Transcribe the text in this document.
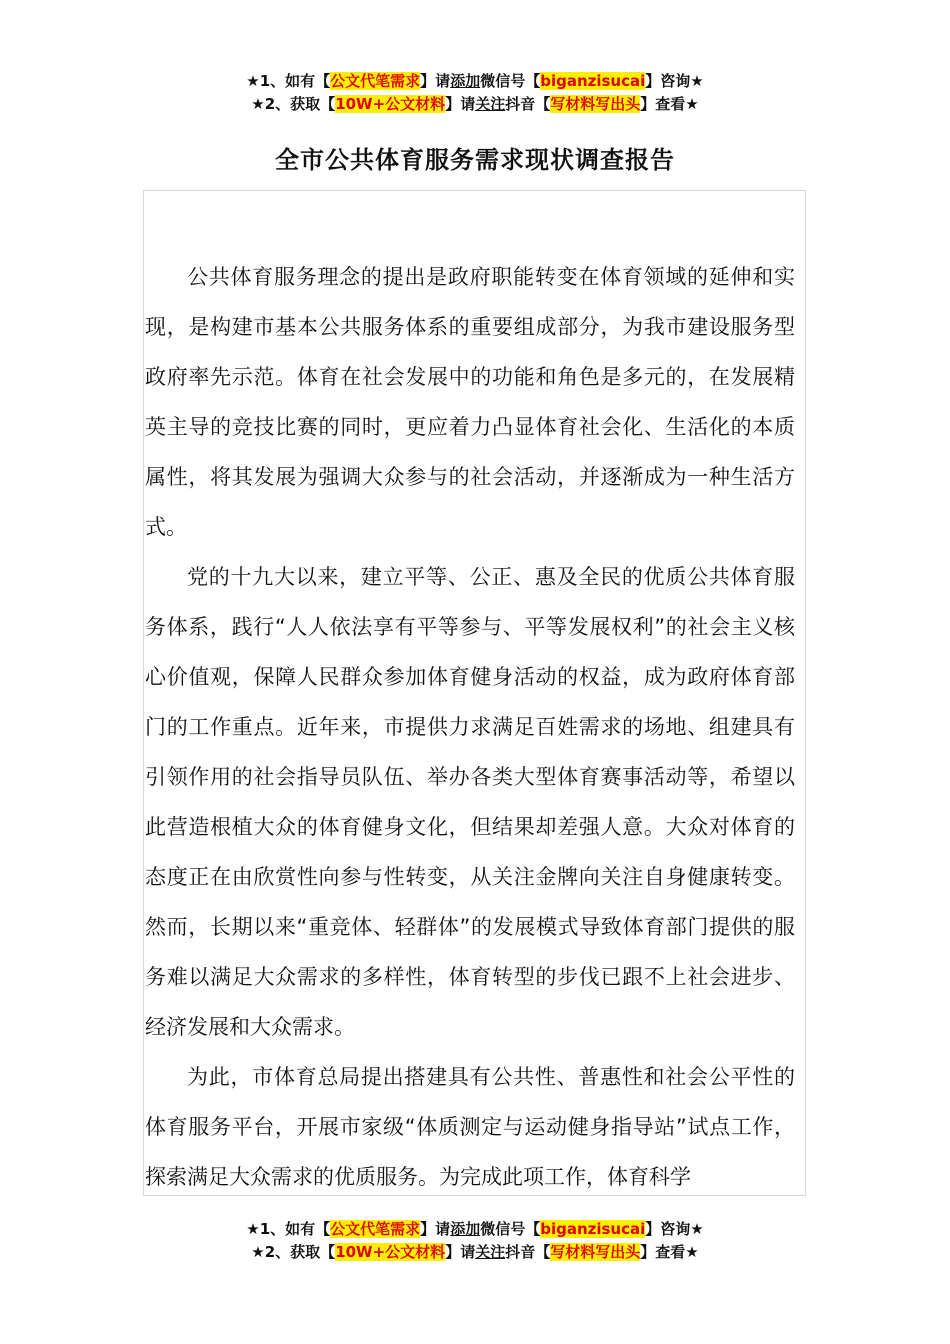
★1、如有【公文代笔需求】请添加微信号【biganzisucai】咨询★
★2、获取【10W+公文材料】请关注抖音【写材料写出头】查看★
全市公共体育服务需求现状调查报告

公共体育服务理念的提出是政府职能转变在体育领域的延伸和实现，是构建市基本公共服务体系的重要组成部分，为我市建设服务型政府率先示范。体育在社会发展中的功能和角色是多元的，在发展精英主导的竞技比赛的同时，更应着力凸显体育社会化、生活化的本质属性，将其发展为强调大众参与的社会活动，并逐渐成为一种生活方式。

党的十九大以来，建立平等、公正、惠及全民的优质公共体育服务体系，践行“人人依法享有平等参与、平等发展权利”的社会主义核心价值观，保障人民群众参加体育健身活动的权益，成为政府体育部门的工作重点。近年来，市提供力求满足百姓需求的场地、组建具有引领作用的社会指导员队伍、举办各类大型体育赛事活动等，希望以此营造根植大众的体育健身文化，但结果却差强人意。大众对体育的态度正在由欣赏性向参与性转变，从关注金牌向关注自身健康转变。然而，长期以来“重竞体、轻群体”的发展模式导致体育部门提供的服务难以满足大众需求的多样性，体育转型的步伐已跟不上社会进步、经济发展和大众需求。

为此，市体育总局提出搭建具有公共性、普惠性和社会公平性的体育服务平台，开展市家级“体质测定与运动健身指导站”试点工作，探索满足大众需求的优质服务。为完成此项工作，体育科学

★1、如有【公文代笔需求】请添加微信号【biganzisucai】咨询★
★2、获取【10W+公文材料】请关注抖音【写材料写出头】查看★
